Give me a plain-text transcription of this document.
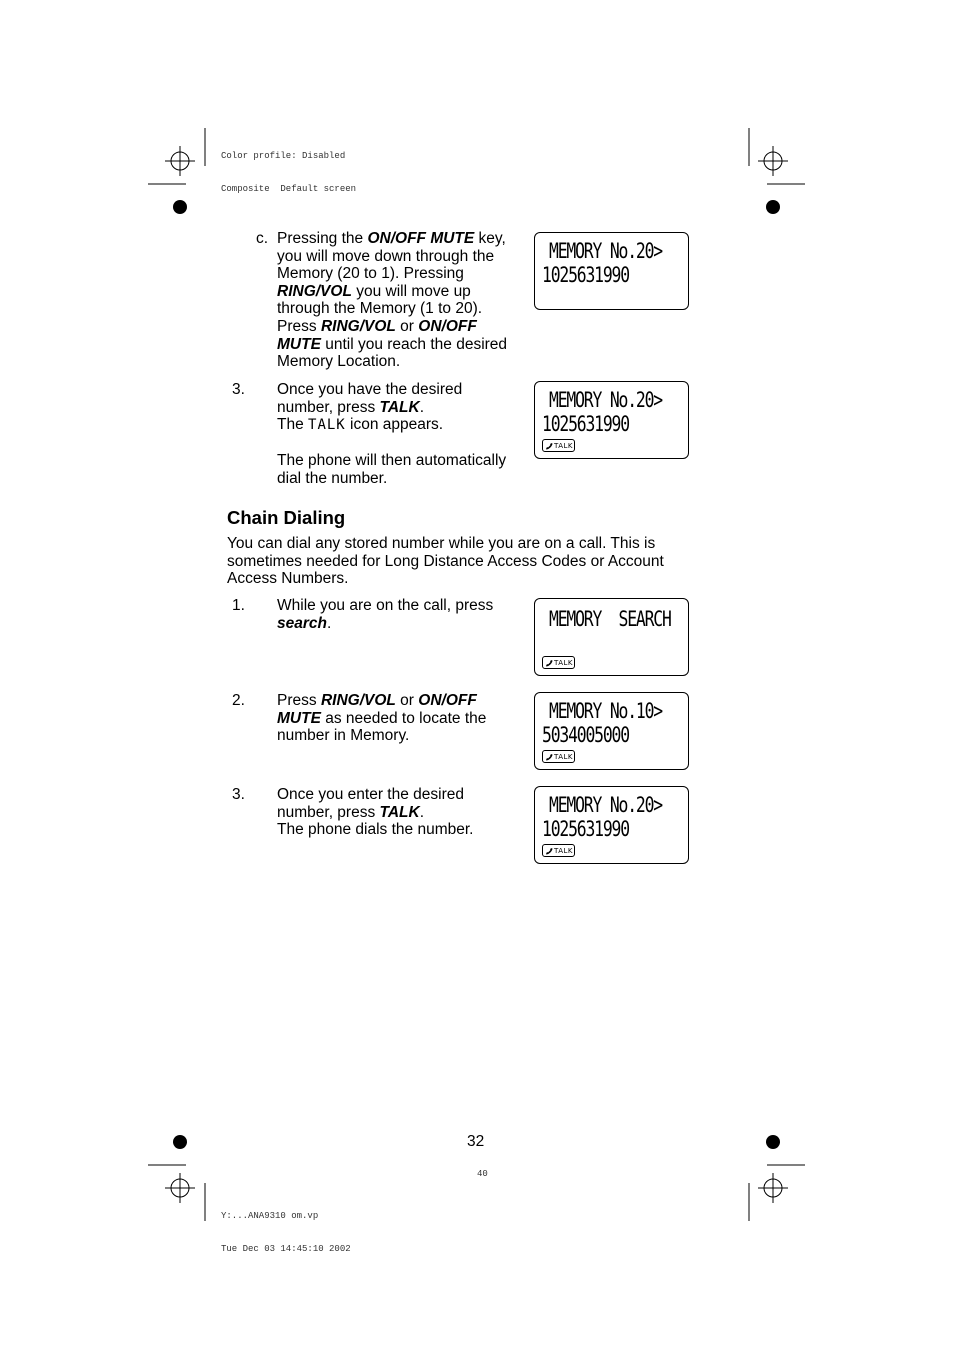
Color profile: Disabled

Composite  Default screen

c. Pressing the ON/OFF MUTE key, you will move down through the Memory (20 to 1). Pressing RING/VOL you will move up through the Memory (1 to 20). Press RING/VOL or ON/OFF MUTE until you reach the desired Memory Location.
3. Once you have the desired number, press TALK.
The TALK icon appears.
The phone will then automatically dial the number.
Chain Dialing
You can dial any stored number while you are on a call. This is sometimes needed for Long Distance Access Codes or Account Access Numbers.
1. While you are on the call, press search.
2. Press RING/VOL or ON/OFF MUTE as needed to locate the number in Memory.
3. Once you enter the desired number, press TALK.
The phone dials the number.
MEMORY No.20>
1025631990
MEMORY No.20>
1025631990
TALK
MEMORY  SEARCH
TALK
MEMORY No.10>
5034005000
TALK
MEMORY No.20>
1025631990
TALK
32
40

Y:...ANA9310 om.vp

Tue Dec 03 14:45:10 2002
